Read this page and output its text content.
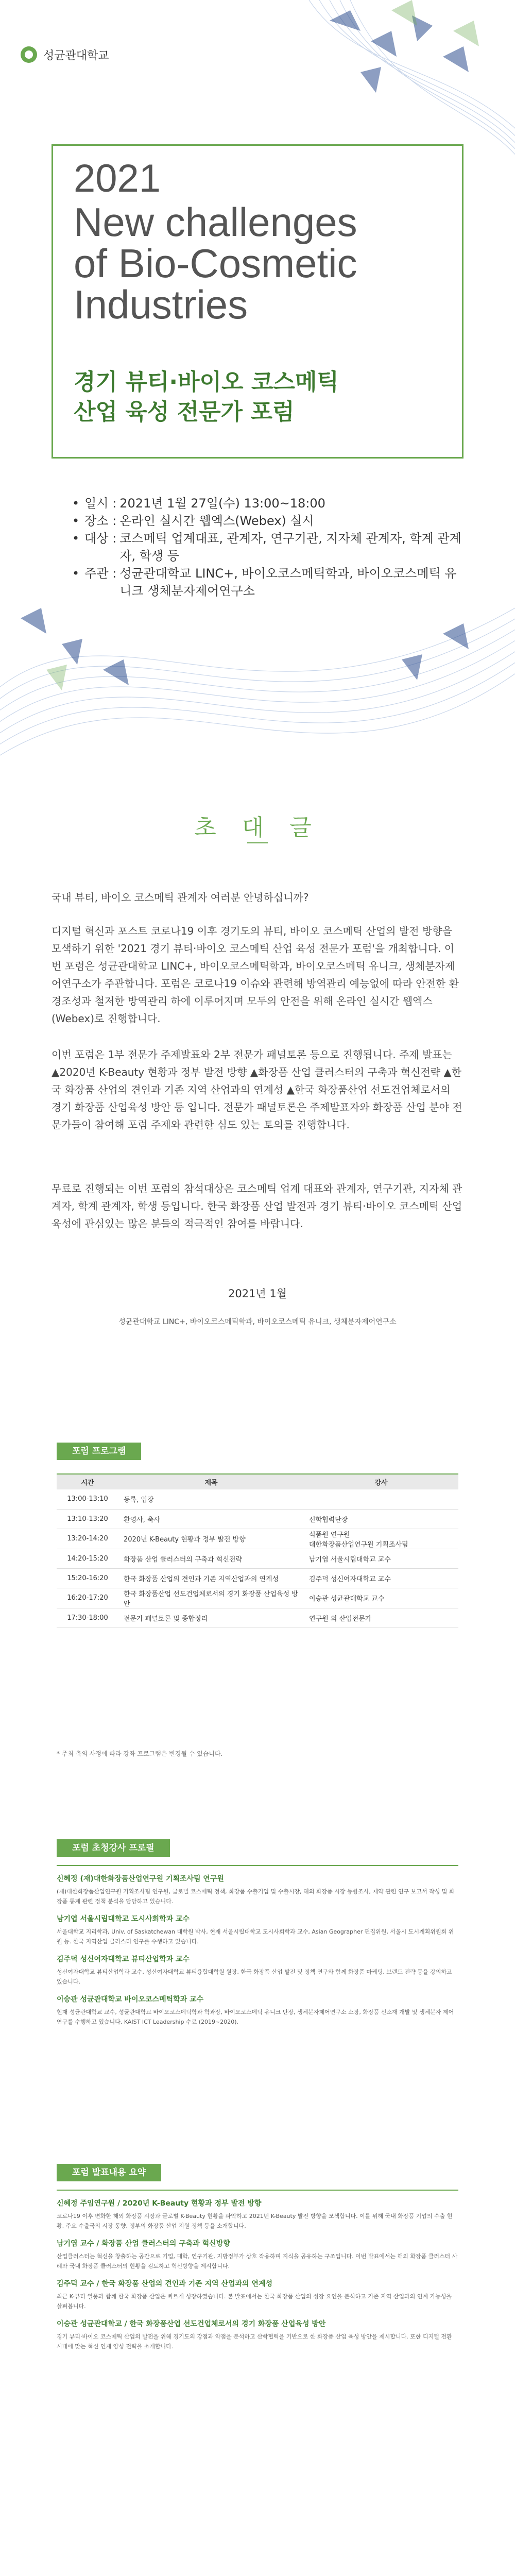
성균관대학교
2021
New challenges
of Bio-Cosmetic
Industries
경기 뷰티·바이오 코스메틱
산업 육성 전문가 포럼
• 일시 : 2021년 1월 27일(수) 13:00~18:00
• 장소 : 온라인 실시간 웹엑스(Webex) 실시
• 대상 : 코스메틱 업계대표, 관계자, 연구기관, 지자체 관계자, 학계 관계자, 학생 등
• 주관 : 성균관대학교 LINC+, 바이오코스메틱학과, 바이오코스메틱 유니크 생체분자제어연구소
초 대 글

국내 뷰티, 바이오 코스메틱 관계자 여러분 안녕하십니까?

디지털 혁신과 포스트 코로나19 이후 경기도의 뷰티, 바이오 코스메틱 산업의 발전 방향을 모색하기 위한 '2021 경기 뷰티·바이오 코스메틱 산업 육성 전문가 포럼'을 개최합니다. 이번 포럼은 성균관대학교 LINC+, 바이오코스메틱학과, 바이오코스메틱 유니크, 생체분자제어연구소가 주관합니다. 포럼은 코로나19 이슈와 관련해 방역관리 예능없에 따라 안전한 환경조성과 철저한 방역관리 하에 이루어지며 모두의 안전을 위해 온라인 실시간 웹엑스(Webex)로 진행합니다.

이번 포럼은 1부 전문가 주제발표와 2부 전문가 패널토론 등으로 진행됩니다. 주제 발표는 ▲2020년 K-Beauty 현황과 정부 발전 방향 ▲화장품 산업 클러스터의 구축과 혁신전략 ▲한국 화장품 산업의 견인과 기존 지역 산업과의 연계성 ▲한국 화장품산업 선도건업체로서의 경기 화장품 산업육성 방안 등 입니다. 전문가 패널토론은 주제발표자와 화장품 산업 분야 전문가들이 참여해 포럼 주제와 관련한 심도 있는 토의를 진행합니다.

무료로 진행되는 이번 포럼의 참석대상은 코스메틱 업계 대표와 관계자, 연구기관, 지자체 관계자, 학계 관계자, 학생 등입니다. 한국 화장품 산업 발전과 경기 뷰티·바이오 코스메틱 산업 육성에 관심있는 많은 분들의 적극적인 참여를 바랍니다.

2021년 1월
성균관대학교 LINC+, 바이오코스메틱학과, 바이오코스메틱 유니크, 생체분자제어연구소
포럼 프로그램
시간	제목	강사
13:00-13:10	등록, 입장	
13:10-13:20	환영사, 축사	신학협력단장
13:20-14:20	2020년 K-Beauty 현황과 정부 발전 방향	식품원 연구원
대한화장품산업연구원 기획조사팀
14:20-15:20	화장품 산업 클러스터의 구축과 혁신전략	남기엽 서울시립대학교 교수
15:20-16:20	한국 화장품 산업의 견인과 기존 지역산업과의 연계성	김주덕 성신여자대학교 교수
16:20-17:20	한국 화장품산업 선도건업체로서의 경기 화장품 산업육성 방안	이승관 성균관대학교 교수
17:30-18:00	전문가 패널토론 및 종합정리	연구원 외 산업전문가
* 주최 측의 사정에 따라 강좌 프로그램은 변경될 수 있습니다.
포럼 초청강사 프로필
신혜정 (재)대한화장품산업연구원 기획조사팀 연구원

(재)대한화장품산업연구원 기획조사팀 연구원, 글로벌 코스메틱 정책, 화장품 수출기업 및 수출시장, 해외 화장품 시장 동향조사, 제약 관련 연구 보고서 작성 및 화장품 통계 관련 정책 분석을 담당하고 있습니다.

남기엽 서울시립대학교 도시사회학과 교수

서울대학교 지리학과, Univ. of Saskatchewan 대학원 박사, 현재 서울시립대학교 도시사회학과 교수, Asian Geographer 편집위원, 서울시 도시계획위원회 위원 등. 한국 지역산업 클러스터 연구를 수행하고 있습니다.

김주덕 성신여자대학교 뷰티산업학과 교수

성신여자대학교 뷰티산업학과 교수, 성신여자대학교 뷰티융합대학원 원장, 한국 화장품 산업 발전 및 정책 연구와 함께 화장품 마케팅, 브랜드 전략 등을 강의하고 있습니다.

이승관 성균관대학교 바이오코스메틱학과 교수

현재 성균관대학교 교수, 성균관대학교 바이오코스메틱학과 학과장, 바이오코스메틱 유니크 단장, 생체분자제어연구소 소장, 화장품 신소재 개발 및 생체분자 제어 연구를 수행하고 있습니다. KAIST ICT Leadership 수료 (2019~2020).

포럼 발표내용 요약
신혜정 주임연구원 / 2020년 K-Beauty 현황과 정부 발전 방향

코로나19 이후 변화한 해외 화장품 시장과 글로벌 K-Beauty 현황을 파악하고 2021년 K-Beauty 발전 방향을 모색합니다. 이를 위해 국내 화장품 기업의 수출 현황, 주요 수출국의 시장 동향, 정부의 화장품 산업 지원 정책 등을 소개합니다.

남기엽 교수 / 화장품 산업 클러스터의 구축과 혁신방향

산업클러스터는 혁신을 창출하는 공간으로 기업, 대학, 연구기관, 지방정부가 상호 작용하며 지식을 공유하는 구조입니다. 이번 발표에서는 해외 화장품 클러스터 사례와 국내 화장품 클러스터의 현황을 검토하고 혁신방향을 제시합니다.

김주덕 교수 / 한국 화장품 산업의 견인과 기존 지역 산업과의 연계성

최근 K-뷰티 열풍과 함께 한국 화장품 산업은 빠르게 성장하였습니다. 본 발표에서는 한국 화장품 산업의 성장 요인을 분석하고 기존 지역 산업과의 연계 가능성을 살펴봅니다.

이승관 성균관대학교 / 한국 화장품산업 선도건업체로서의 경기 화장품 산업육성 방안

경기 뷰티·바이오 코스메틱 산업의 발전을 위해 경기도의 강점과 약점을 분석하고 산학협력을 기반으로 한 화장품 산업 육성 방안을 제시합니다. 또한 디지털 전환 시대에 맞는 혁신 인재 양성 전략을 소개합니다.
